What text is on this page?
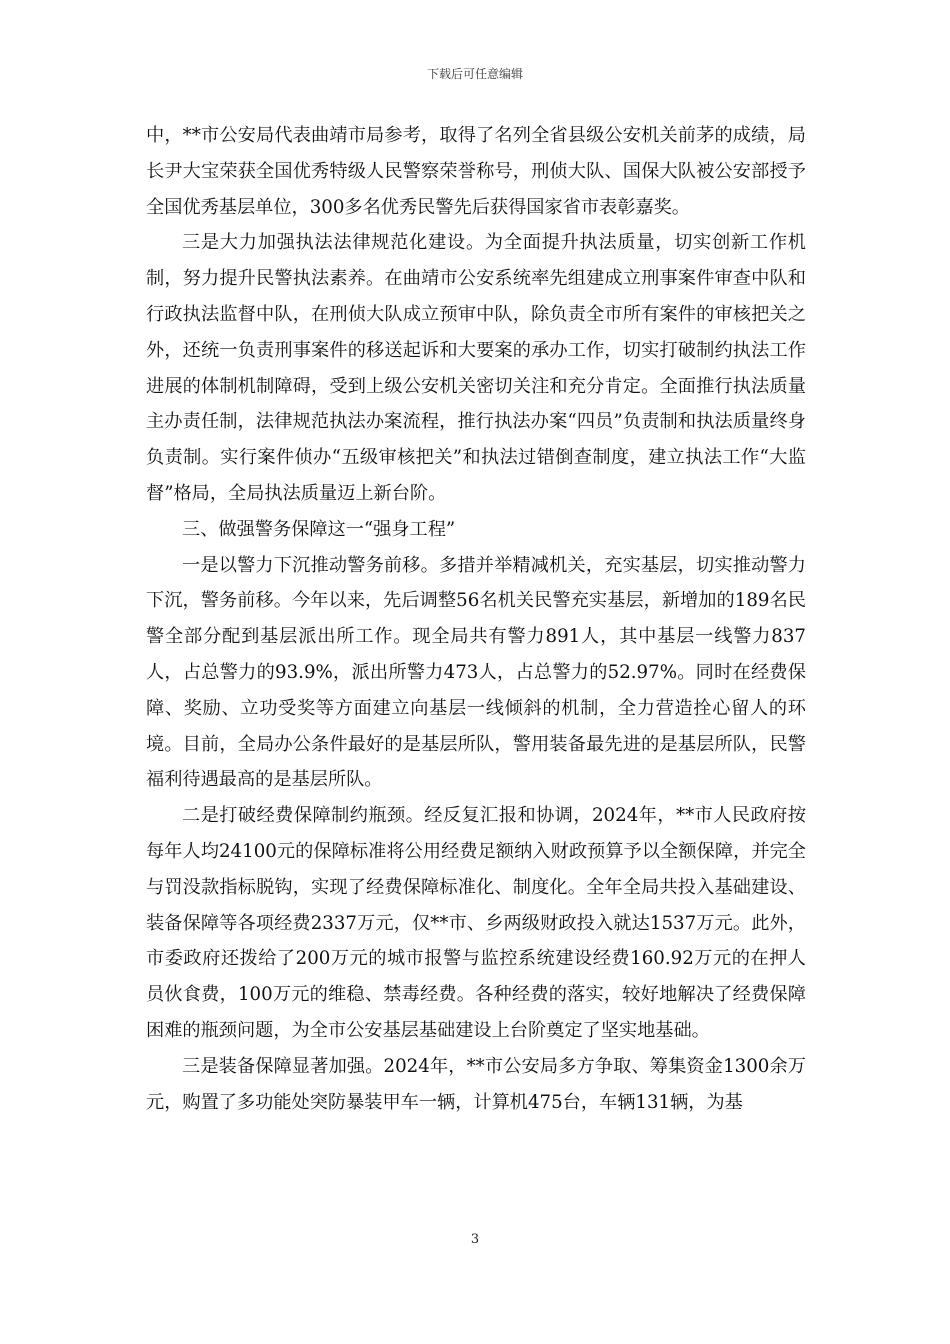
下载后可任意编辑

中，**市公安局代表曲靖市局参考，取得了名列全省县级公安机关前茅的成绩，局长尹大宝荣获全国优秀特级人民警察荣誉称号，刑侦大队、国保大队被公安部授予全国优秀基层单位，300多名优秀民警先后获得国家省市表彰嘉奖。

三是大力加强执法法律规范化建设。为全面提升执法质量，切实创新工作机制，努力提升民警执法素养。在曲靖市公安系统率先组建成立刑事案件审查中队和行政执法监督中队，在刑侦大队成立预审中队，除负责全市所有案件的审核把关之外，还统一负责刑事案件的移送起诉和大要案的承办工作，切实打破制约执法工作进展的体制机制障碍，受到上级公安机关密切关注和充分肯定。全面推行执法质量主办责任制，法律规范执法办案流程，推行执法办案“四员”负责制和执法质量终身负责制。实行案件侦办“五级审核把关”和执法过错倒查制度，建立执法工作“大监督”格局，全局执法质量迈上新台阶。

三、做强警务保障这一“强身工程”

一是以警力下沉推动警务前移。多措并举精减机关，充实基层，切实推动警力下沉，警务前移。今年以来，先后调整56名机关民警充实基层，新增加的189名民警全部分配到基层派出所工作。现全局共有警力891人，其中基层一线警力837人，占总警力的93.9%，派出所警力473人，占总警力的52.97%。同时在经费保障、奖励、立功受奖等方面建立向基层一线倾斜的机制，全力营造拴心留人的环境。目前，全局办公条件最好的是基层所队，警用装备最先进的是基层所队，民警福利待遇最高的是基层所队。

二是打破经费保障制约瓶颈。经反复汇报和协调，2024年，**市人民政府按每年人均24100元的保障标准将公用经费足额纳入财政预算予以全额保障，并完全与罚没款指标脱钩，实现了经费保障标准化、制度化。全年全局共投入基础建设、装备保障等各项经费2337万元，仅**市、乡两级财政投入就达1537万元。此外，市委政府还拨给了200万元的城市报警与监控系统建设经费160.92万元的在押人员伙食费，100万元的维稳、禁毒经费。各种经费的落实，较好地解决了经费保障困难的瓶颈问题，为全市公安基层基础建设上台阶奠定了坚实地基础。

三是装备保障显著加强。2024年，**市公安局多方争取、筹集资金1300余万元，购置了多功能处突防暴装甲车一辆，计算机475台，车辆131辆，为基

3
